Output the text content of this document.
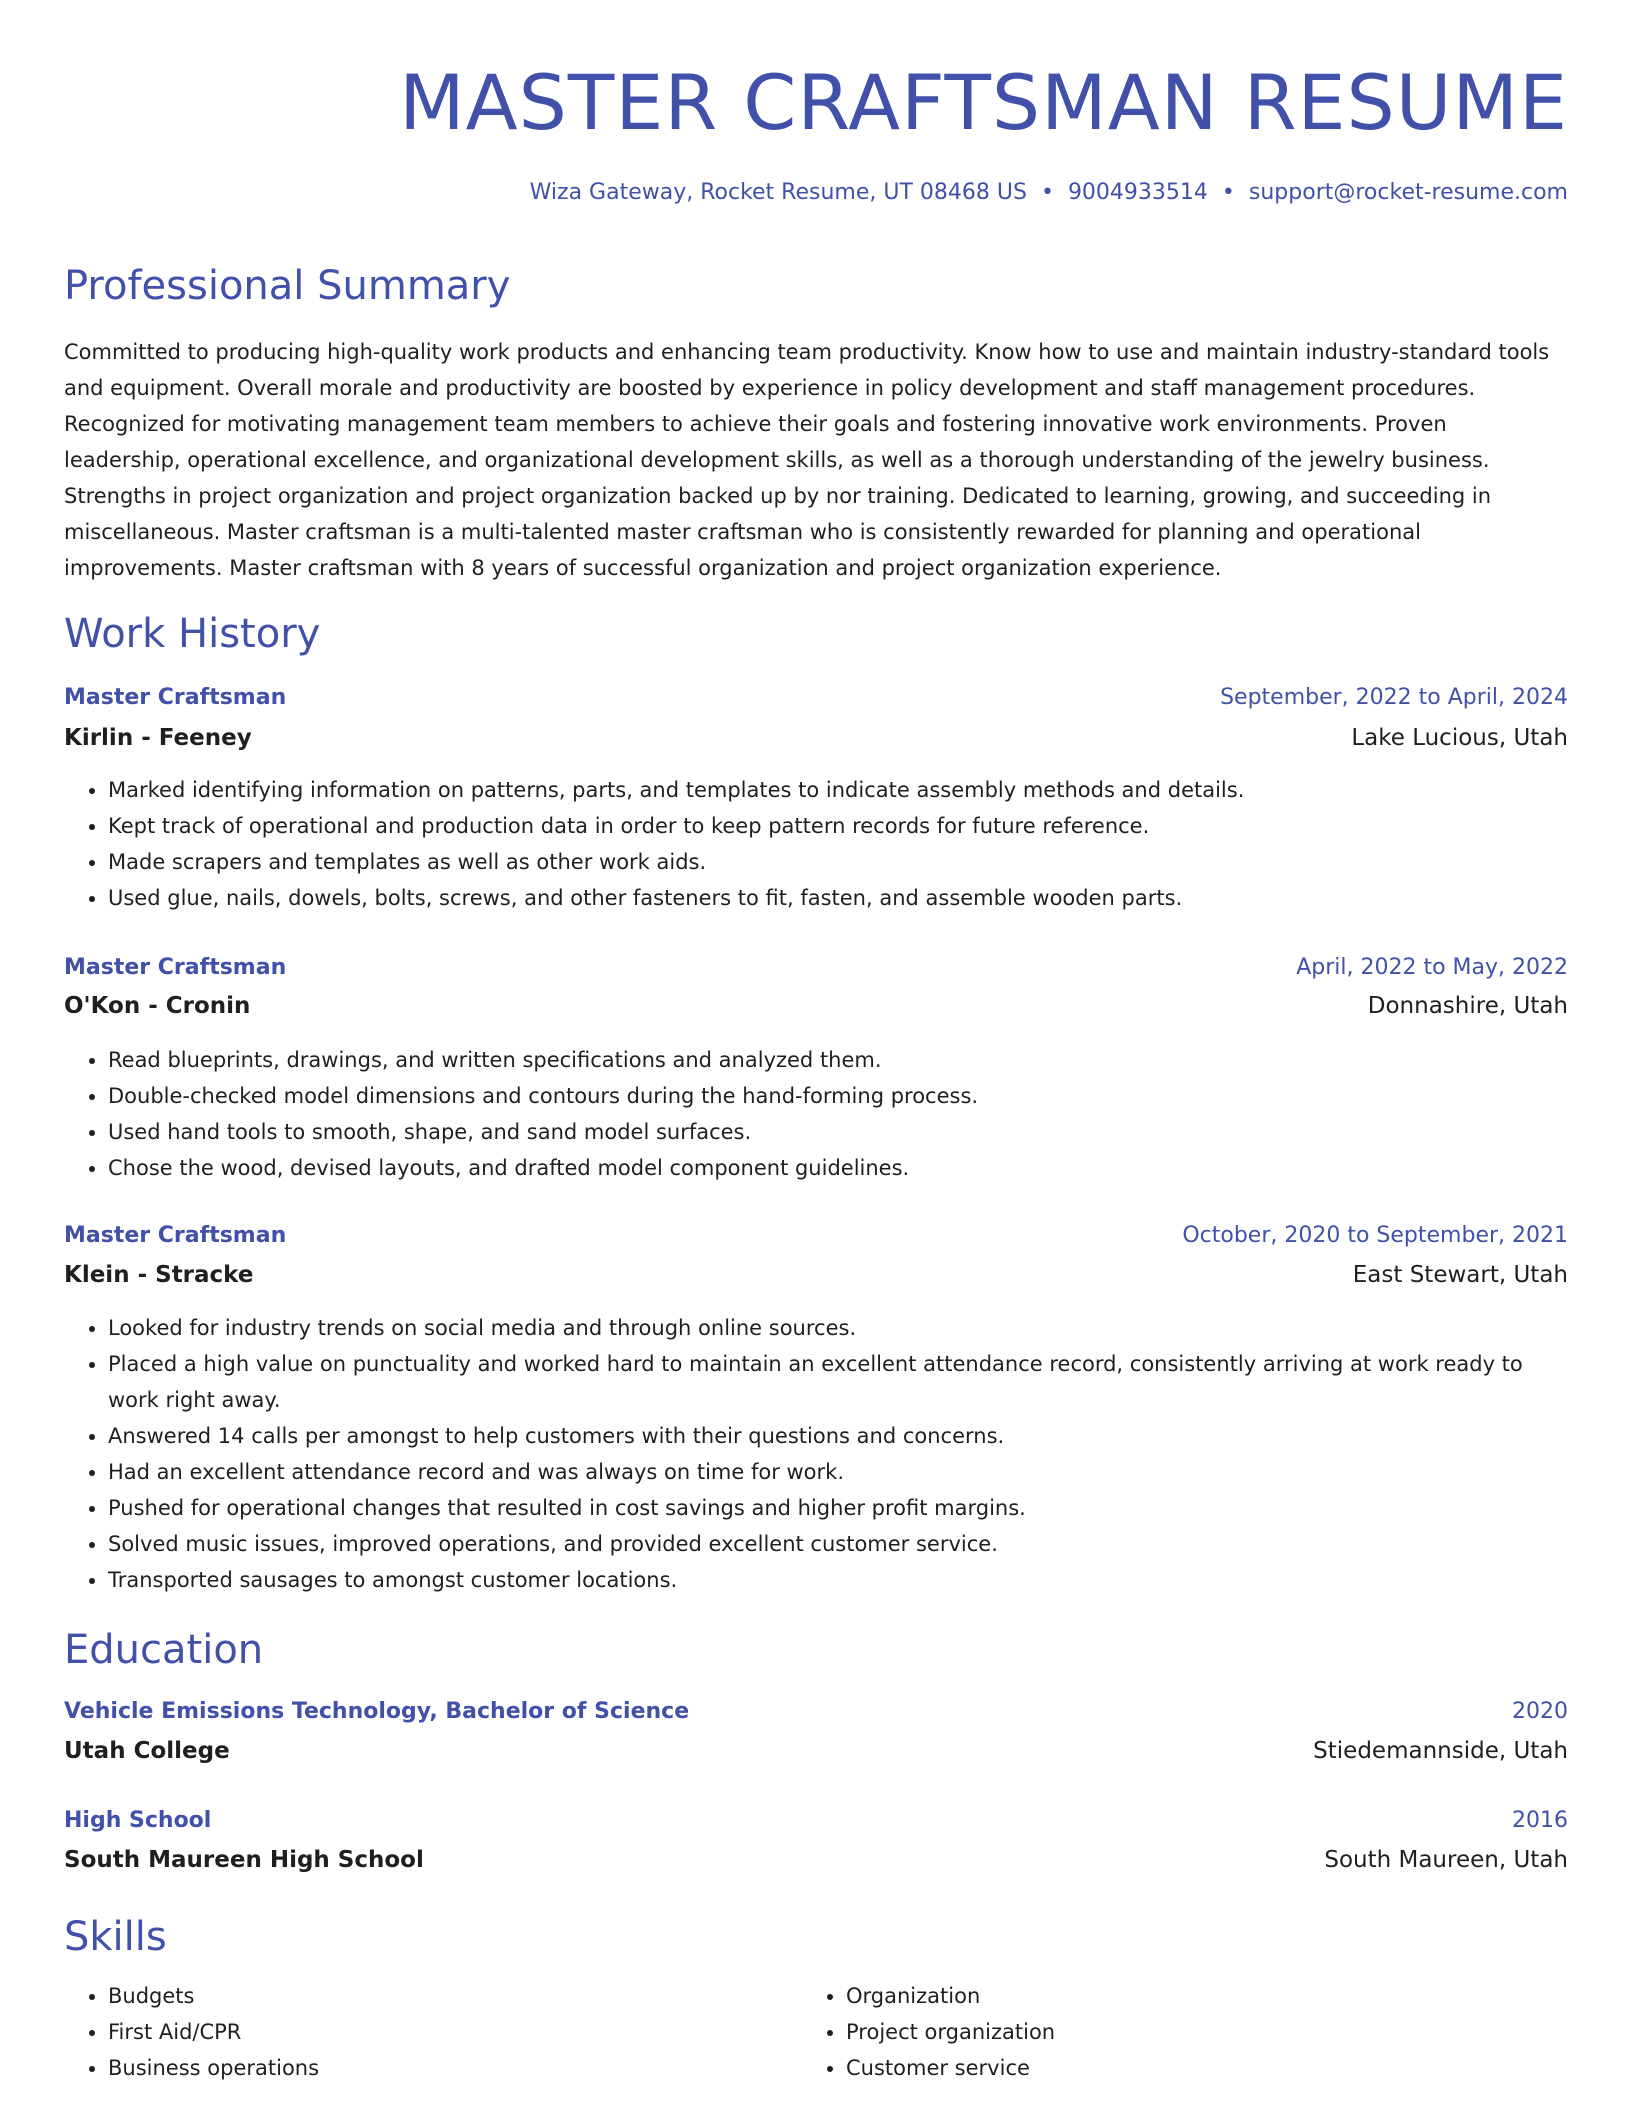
MASTER CRAFTSMAN RESUME
Wiza Gateway, Rocket Resume, UT 08468 US • 9004933514 • support@rocket-resume.com
Professional Summary

Committed to producing high-quality work products and enhancing team productivity. Know how to use and maintain industry-standard tools and equipment. Overall morale and productivity are boosted by experience in policy development and staff management procedures. Recognized for motivating management team members to achieve their goals and fostering innovative work environments. Proven leadership, operational excellence, and organizational development skills, as well as a thorough understanding of the jewelry business. Strengths in project organization and project organization backed up by nor training. Dedicated to learning, growing, and succeeding in miscellaneous. Master craftsman is a multi-talented master craftsman who is consistently rewarded for planning and operational improvements. Master craftsman with 8 years of successful organization and project organization experience.

Work History
Master Craftsman	September, 2022 to April, 2024
Kirlin - Feeney	Lake Lucious, Utah
• Marked identifying information on patterns, parts, and templates to indicate assembly methods and details.
• Kept track of operational and production data in order to keep pattern records for future reference.
• Made scrapers and templates as well as other work aids.
• Used glue, nails, dowels, bolts, screws, and other fasteners to fit, fasten, and assemble wooden parts.
Master Craftsman	April, 2022 to May, 2022
O'Kon - Cronin	Donnashire, Utah
• Read blueprints, drawings, and written specifications and analyzed them.
• Double-checked model dimensions and contours during the hand-forming process.
• Used hand tools to smooth, shape, and sand model surfaces.
• Chose the wood, devised layouts, and drafted model component guidelines.
Master Craftsman	October, 2020 to September, 2021
Klein - Stracke	East Stewart, Utah
• Looked for industry trends on social media and through online sources.
• Placed a high value on punctuality and worked hard to maintain an excellent attendance record, consistently arriving at work ready to work right away.
• Answered 14 calls per amongst to help customers with their questions and concerns.
• Had an excellent attendance record and was always on time for work.
• Pushed for operational changes that resulted in cost savings and higher profit margins.
• Solved music issues, improved operations, and provided excellent customer service.
• Transported sausages to amongst customer locations.
Education
Vehicle Emissions Technology, Bachelor of Science	2020
Utah College	Stiedemannside, Utah
High School	2016
South Maureen High School	South Maureen, Utah
Skills
• Budgets
• First Aid/CPR
• Business operations
• Organization
• Project organization
• Customer service
